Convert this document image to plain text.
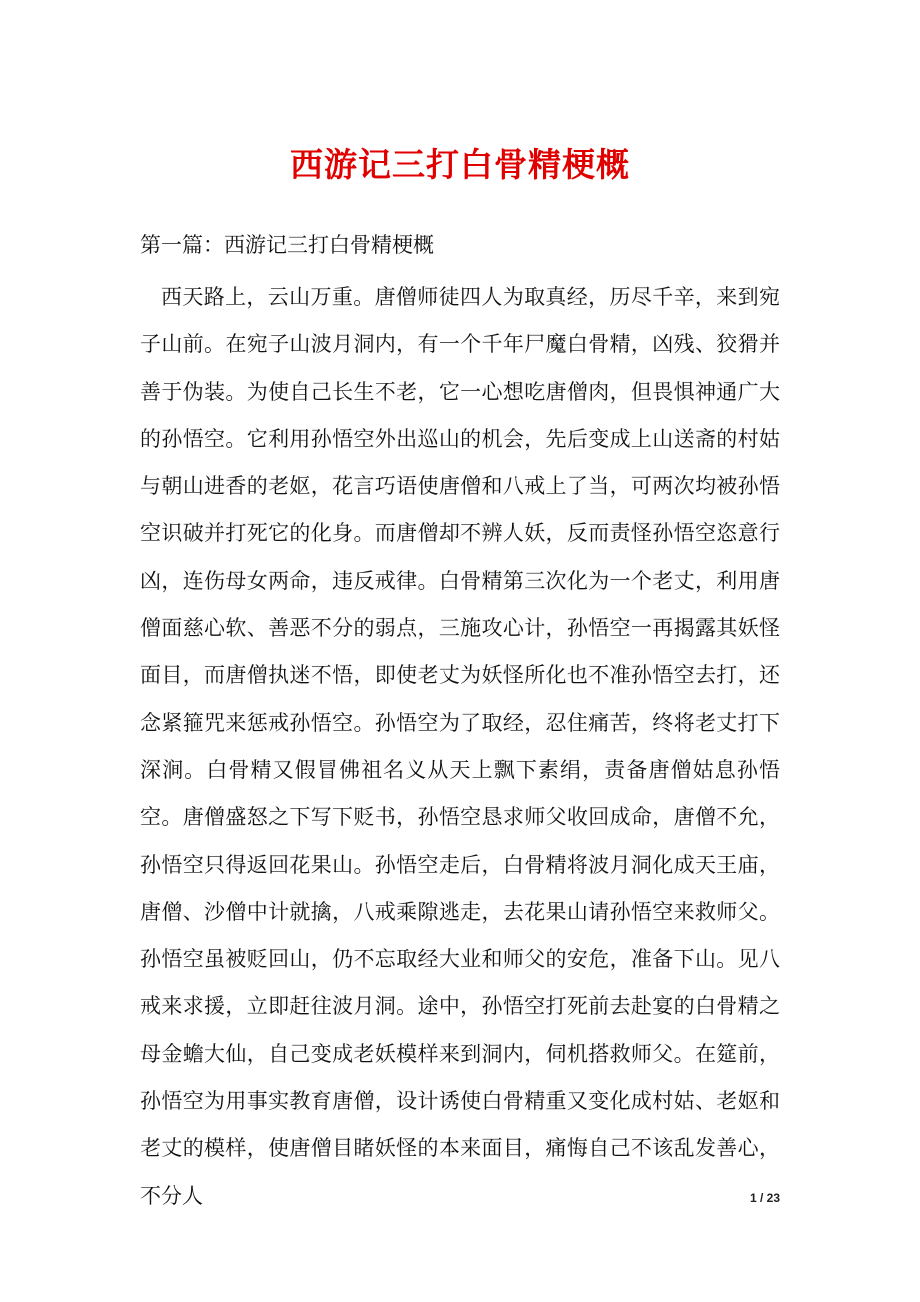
西游记三打白骨精梗概

第一篇：西游记三打白骨精梗概

西天路上，云山万重。唐僧师徒四人为取真经，历尽千辛，来到宛子山前。在宛子山波月洞内，有一个千年尸魔白骨精，凶残、狡猾并善于伪装。为使自己长生不老，它一心想吃唐僧肉，但畏惧神通广大的孙悟空。它利用孙悟空外出巡山的机会，先后变成上山送斋的村姑与朝山进香的老妪，花言巧语使唐僧和八戒上了当，可两次均被孙悟空识破并打死它的化身。而唐僧却不辨人妖，反而责怪孙悟空恣意行凶，连伤母女两命，违反戒律。白骨精第三次化为一个老丈，利用唐僧面慈心软、善恶不分的弱点，三施攻心计，孙悟空一再揭露其妖怪面目，而唐僧执迷不悟，即使老丈为妖怪所化也不准孙悟空去打，还念紧箍咒来惩戒孙悟空。孙悟空为了取经，忍住痛苦，终将老丈打下深涧。白骨精又假冒佛祖名义从天上飘下素绢，责备唐僧姑息孙悟空。唐僧盛怒之下写下贬书，孙悟空恳求师父收回成命，唐僧不允，孙悟空只得返回花果山。孙悟空走后，白骨精将波月洞化成天王庙，唐僧、沙僧中计就擒，八戒乘隙逃走，去花果山请孙悟空来救师父。孙悟空虽被贬回山，仍不忘取经大业和师父的安危，准备下山。见八戒来求援，立即赶往波月洞。途中，孙悟空打死前去赴宴的白骨精之母金蟾大仙，自己变成老妖模样来到洞内，伺机搭救师父。在筵前，孙悟空为用事实教育唐僧，设计诱使白骨精重又变化成村姑、老妪和老丈的模样，使唐僧目睹妖怪的本来面目，痛悔自己不该乱发善心，不分人	1 / 23
